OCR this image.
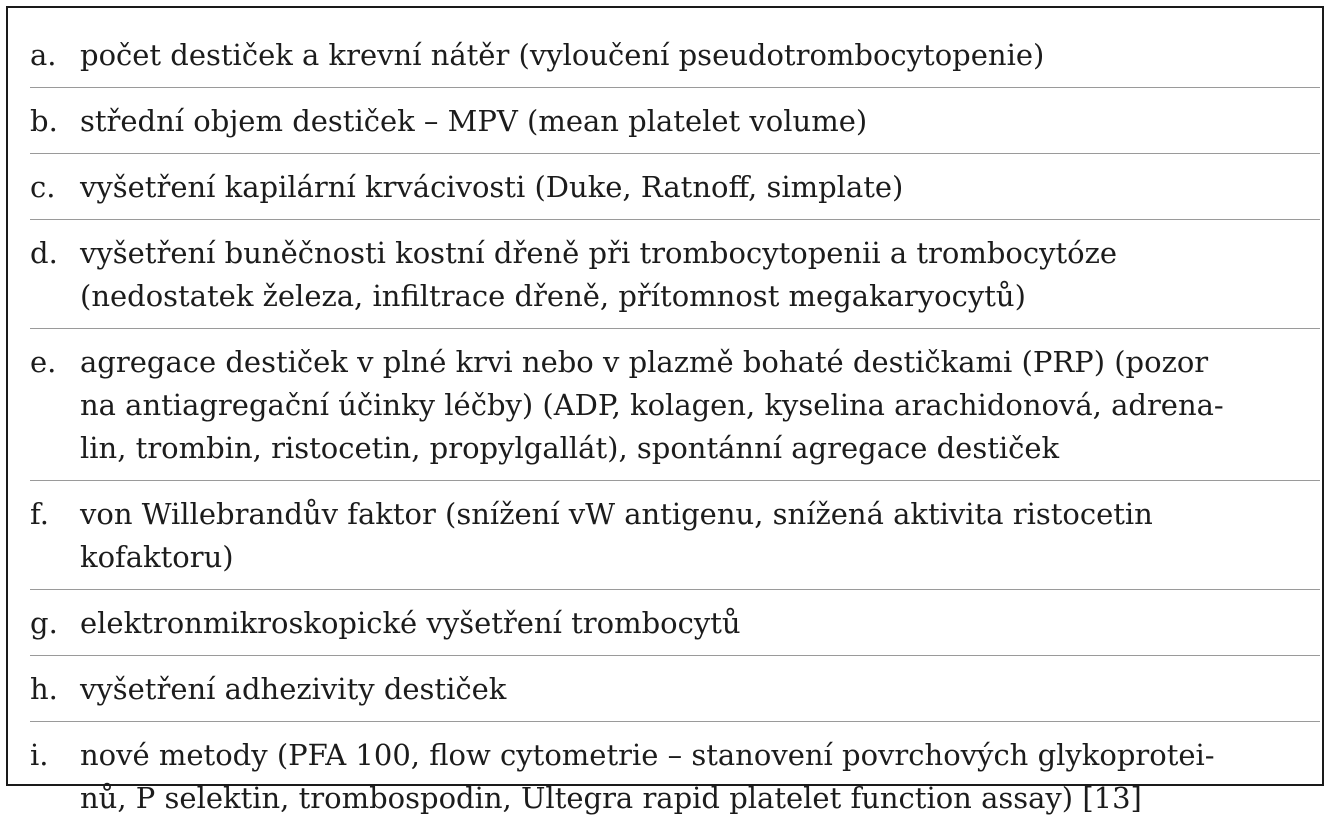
a. počet destiček a krevní nátěr (vyloučení pseudotrombocytopenie)
b. střední objem destiček – MPV (mean platelet volume)
c. vyšetření kapilární krvácivosti (Duke, Ratnoff, simplate)
d. vyšetření buněčnosti kostní dřeně při trombocytopenii a trombocytóze
(nedostatek železa, infiltrace dřeně, přítomnost megakaryocytů)
e. agregace destiček v plné krvi nebo v plazmě bohaté destičkami (PRP) (pozor
na antiagregační účinky léčby) (ADP, kolagen, kyselina arachidonová, adrena-
lin, trombin, ristocetin, propylgallát), spontánní agregace destiček
f.	von Willebrandův faktor (snížení vW antigenu, snížená aktivita ristocetin
kofaktoru)
g. elektronmikroskopické vyšetření trombocytů
h. vyšetření adhezivity destiček
i.	nové metody (PFA 100, flow cytometrie – stanovení povrchových glykoprotei-
nů, P selektin, trombospodin, Ultegra rapid platelet function assay) [13]
